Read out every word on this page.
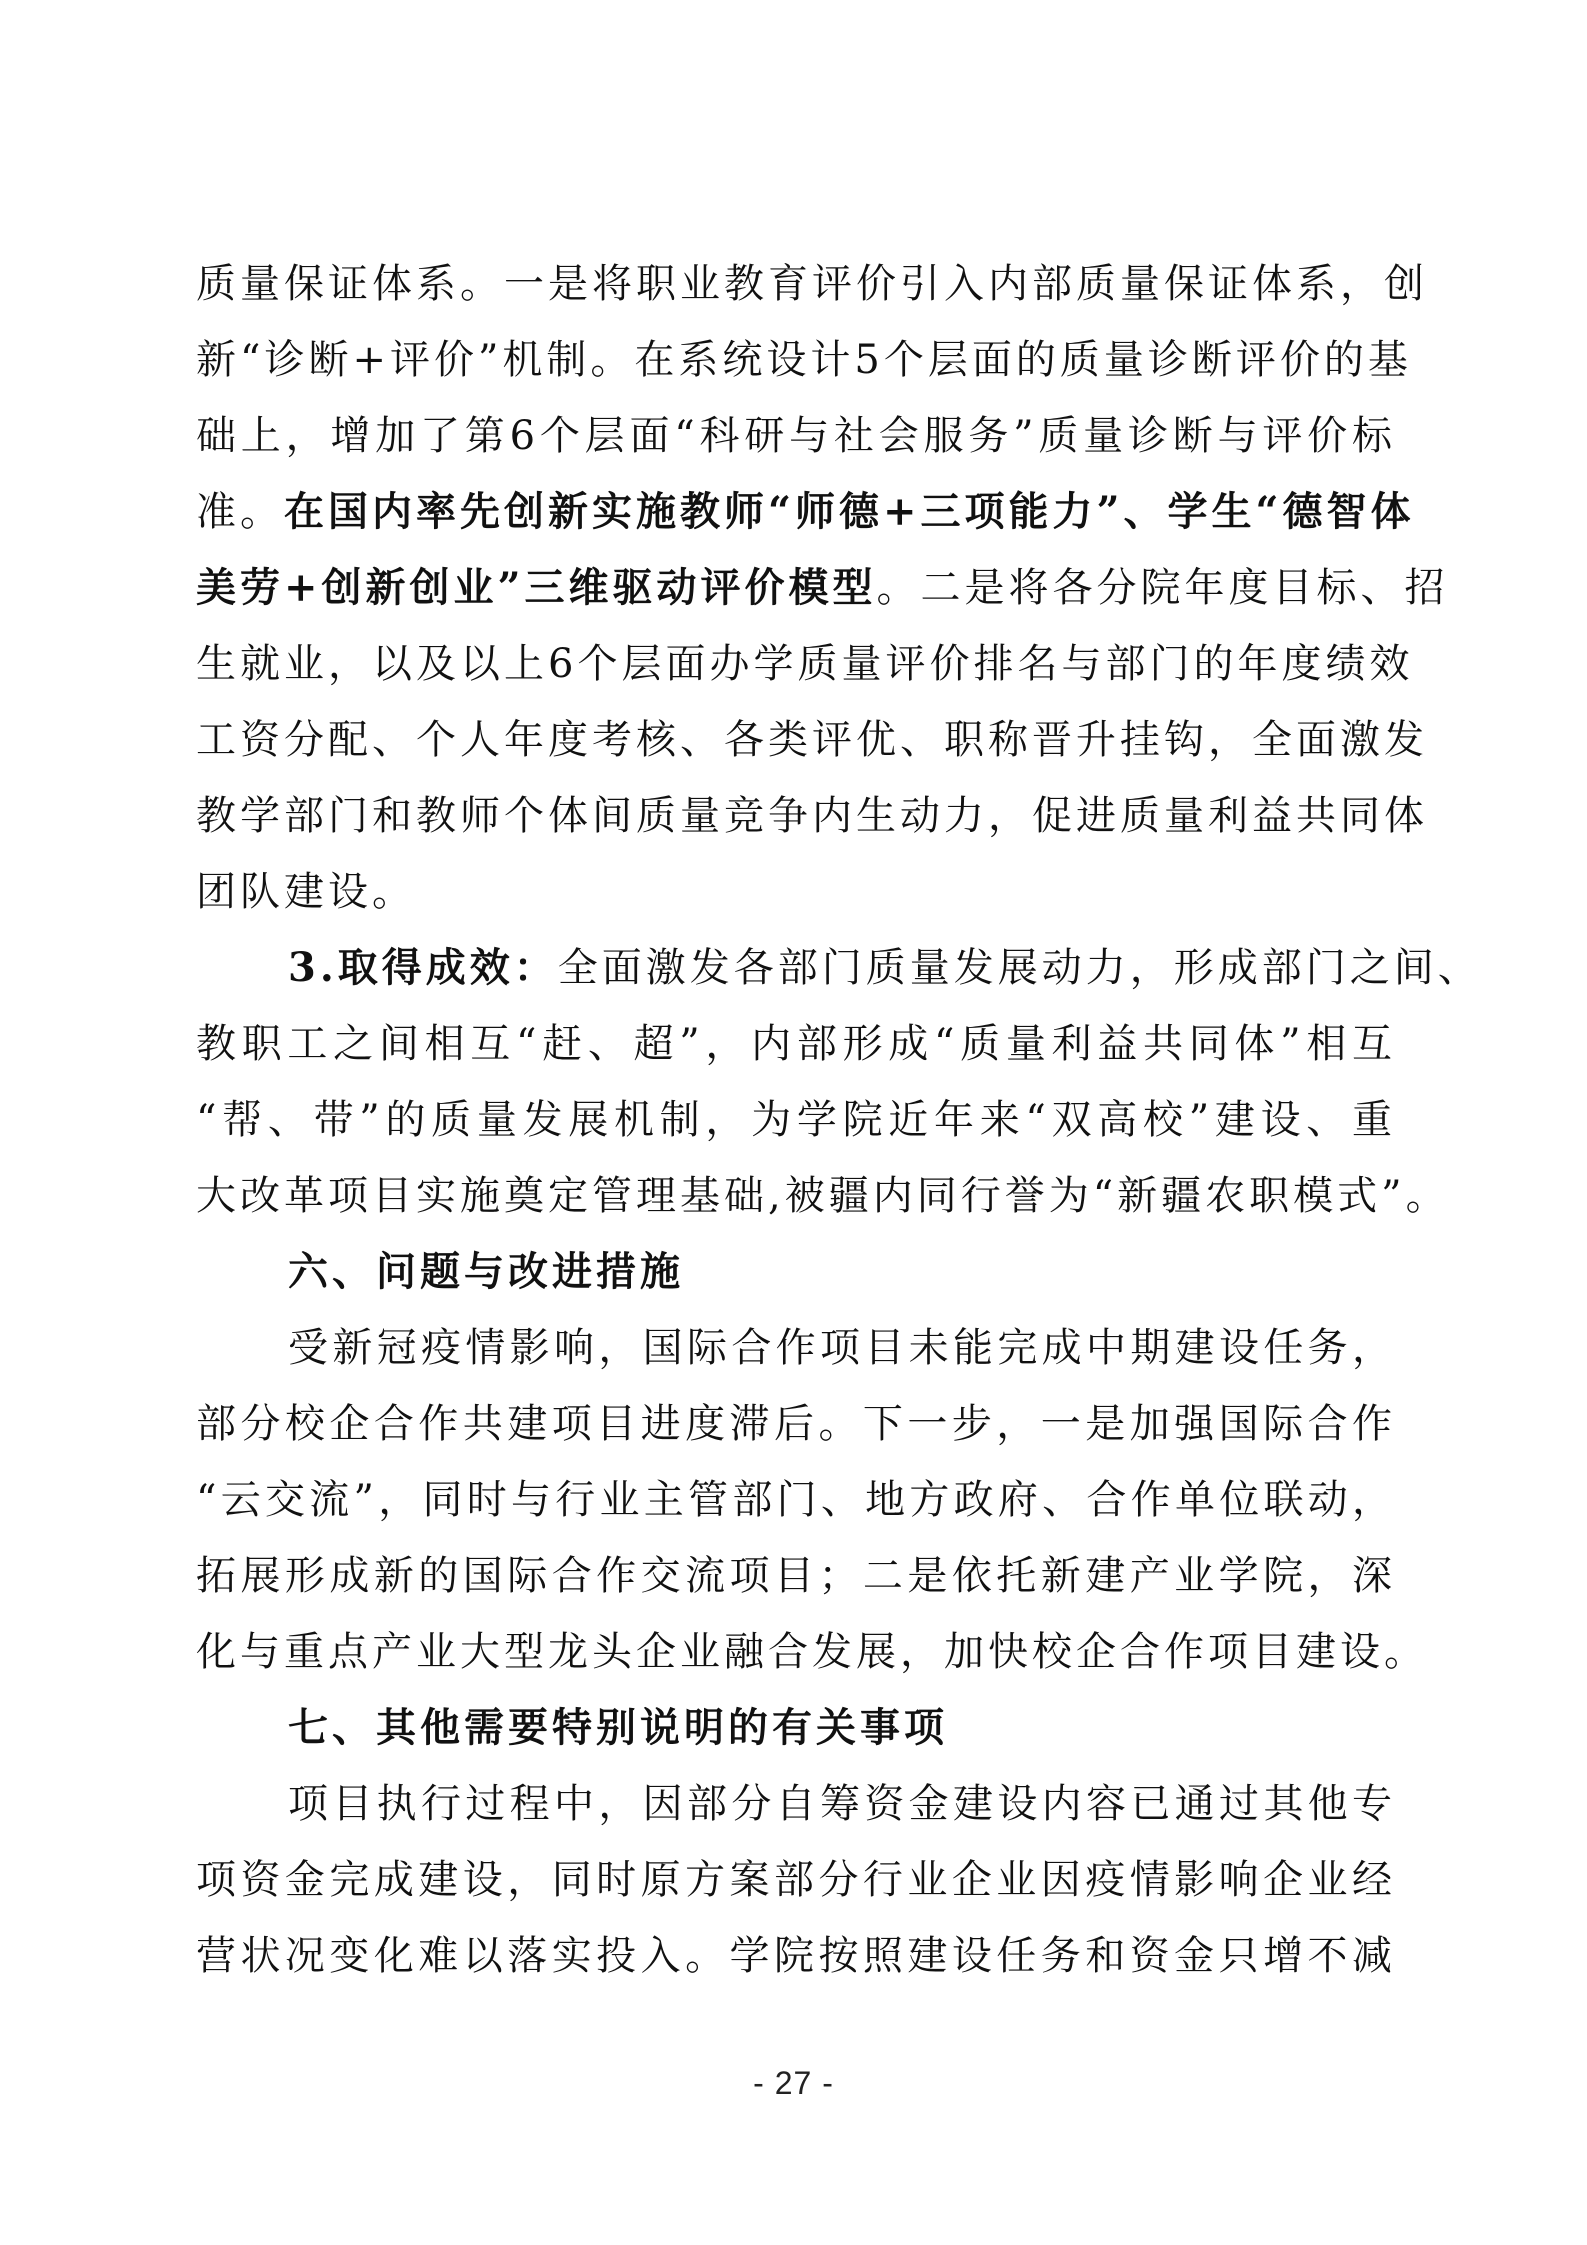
质量保证体系。一是将职业教育评价引入内部质量保证体系，创
新“诊断+评价”机制。在系统设计5个层面的质量诊断评价的基
础上，增加了第6个层面“科研与社会服务”质量诊断与评价标
准。在国内率先创新实施教师“师德+三项能力”、学生“德智体
美劳+创新创业”三维驱动评价模型。二是将各分院年度目标、招
生就业，以及以上6个层面办学质量评价排名与部门的年度绩效
工资分配、个人年度考核、各类评优、职称晋升挂钩，全面激发
教学部门和教师个体间质量竞争内生动力，促进质量利益共同体
团队建设。
3.取得成效：全面激发各部门质量发展动力，形成部门之间、
教职工之间相互“赶、超”，内部形成“质量利益共同体”相互
“帮、带”的质量发展机制，为学院近年来“双高校”建设、重
大改革项目实施奠定管理基础,被疆内同行誉为“新疆农职模式”。
六、问题与改进措施
受新冠疫情影响，国际合作项目未能完成中期建设任务，
部分校企合作共建项目进度滞后。下一步，一是加强国际合作
“云交流”，同时与行业主管部门、地方政府、合作单位联动，
拓展形成新的国际合作交流项目；二是依托新建产业学院，深
化与重点产业大型龙头企业融合发展，加快校企合作项目建设。
七、其他需要特别说明的有关事项
项目执行过程中，因部分自筹资金建设内容已通过其他专
项资金完成建设，同时原方案部分行业企业因疫情影响企业经
营状况变化难以落实投入。学院按照建设任务和资金只增不减
- 27 -
